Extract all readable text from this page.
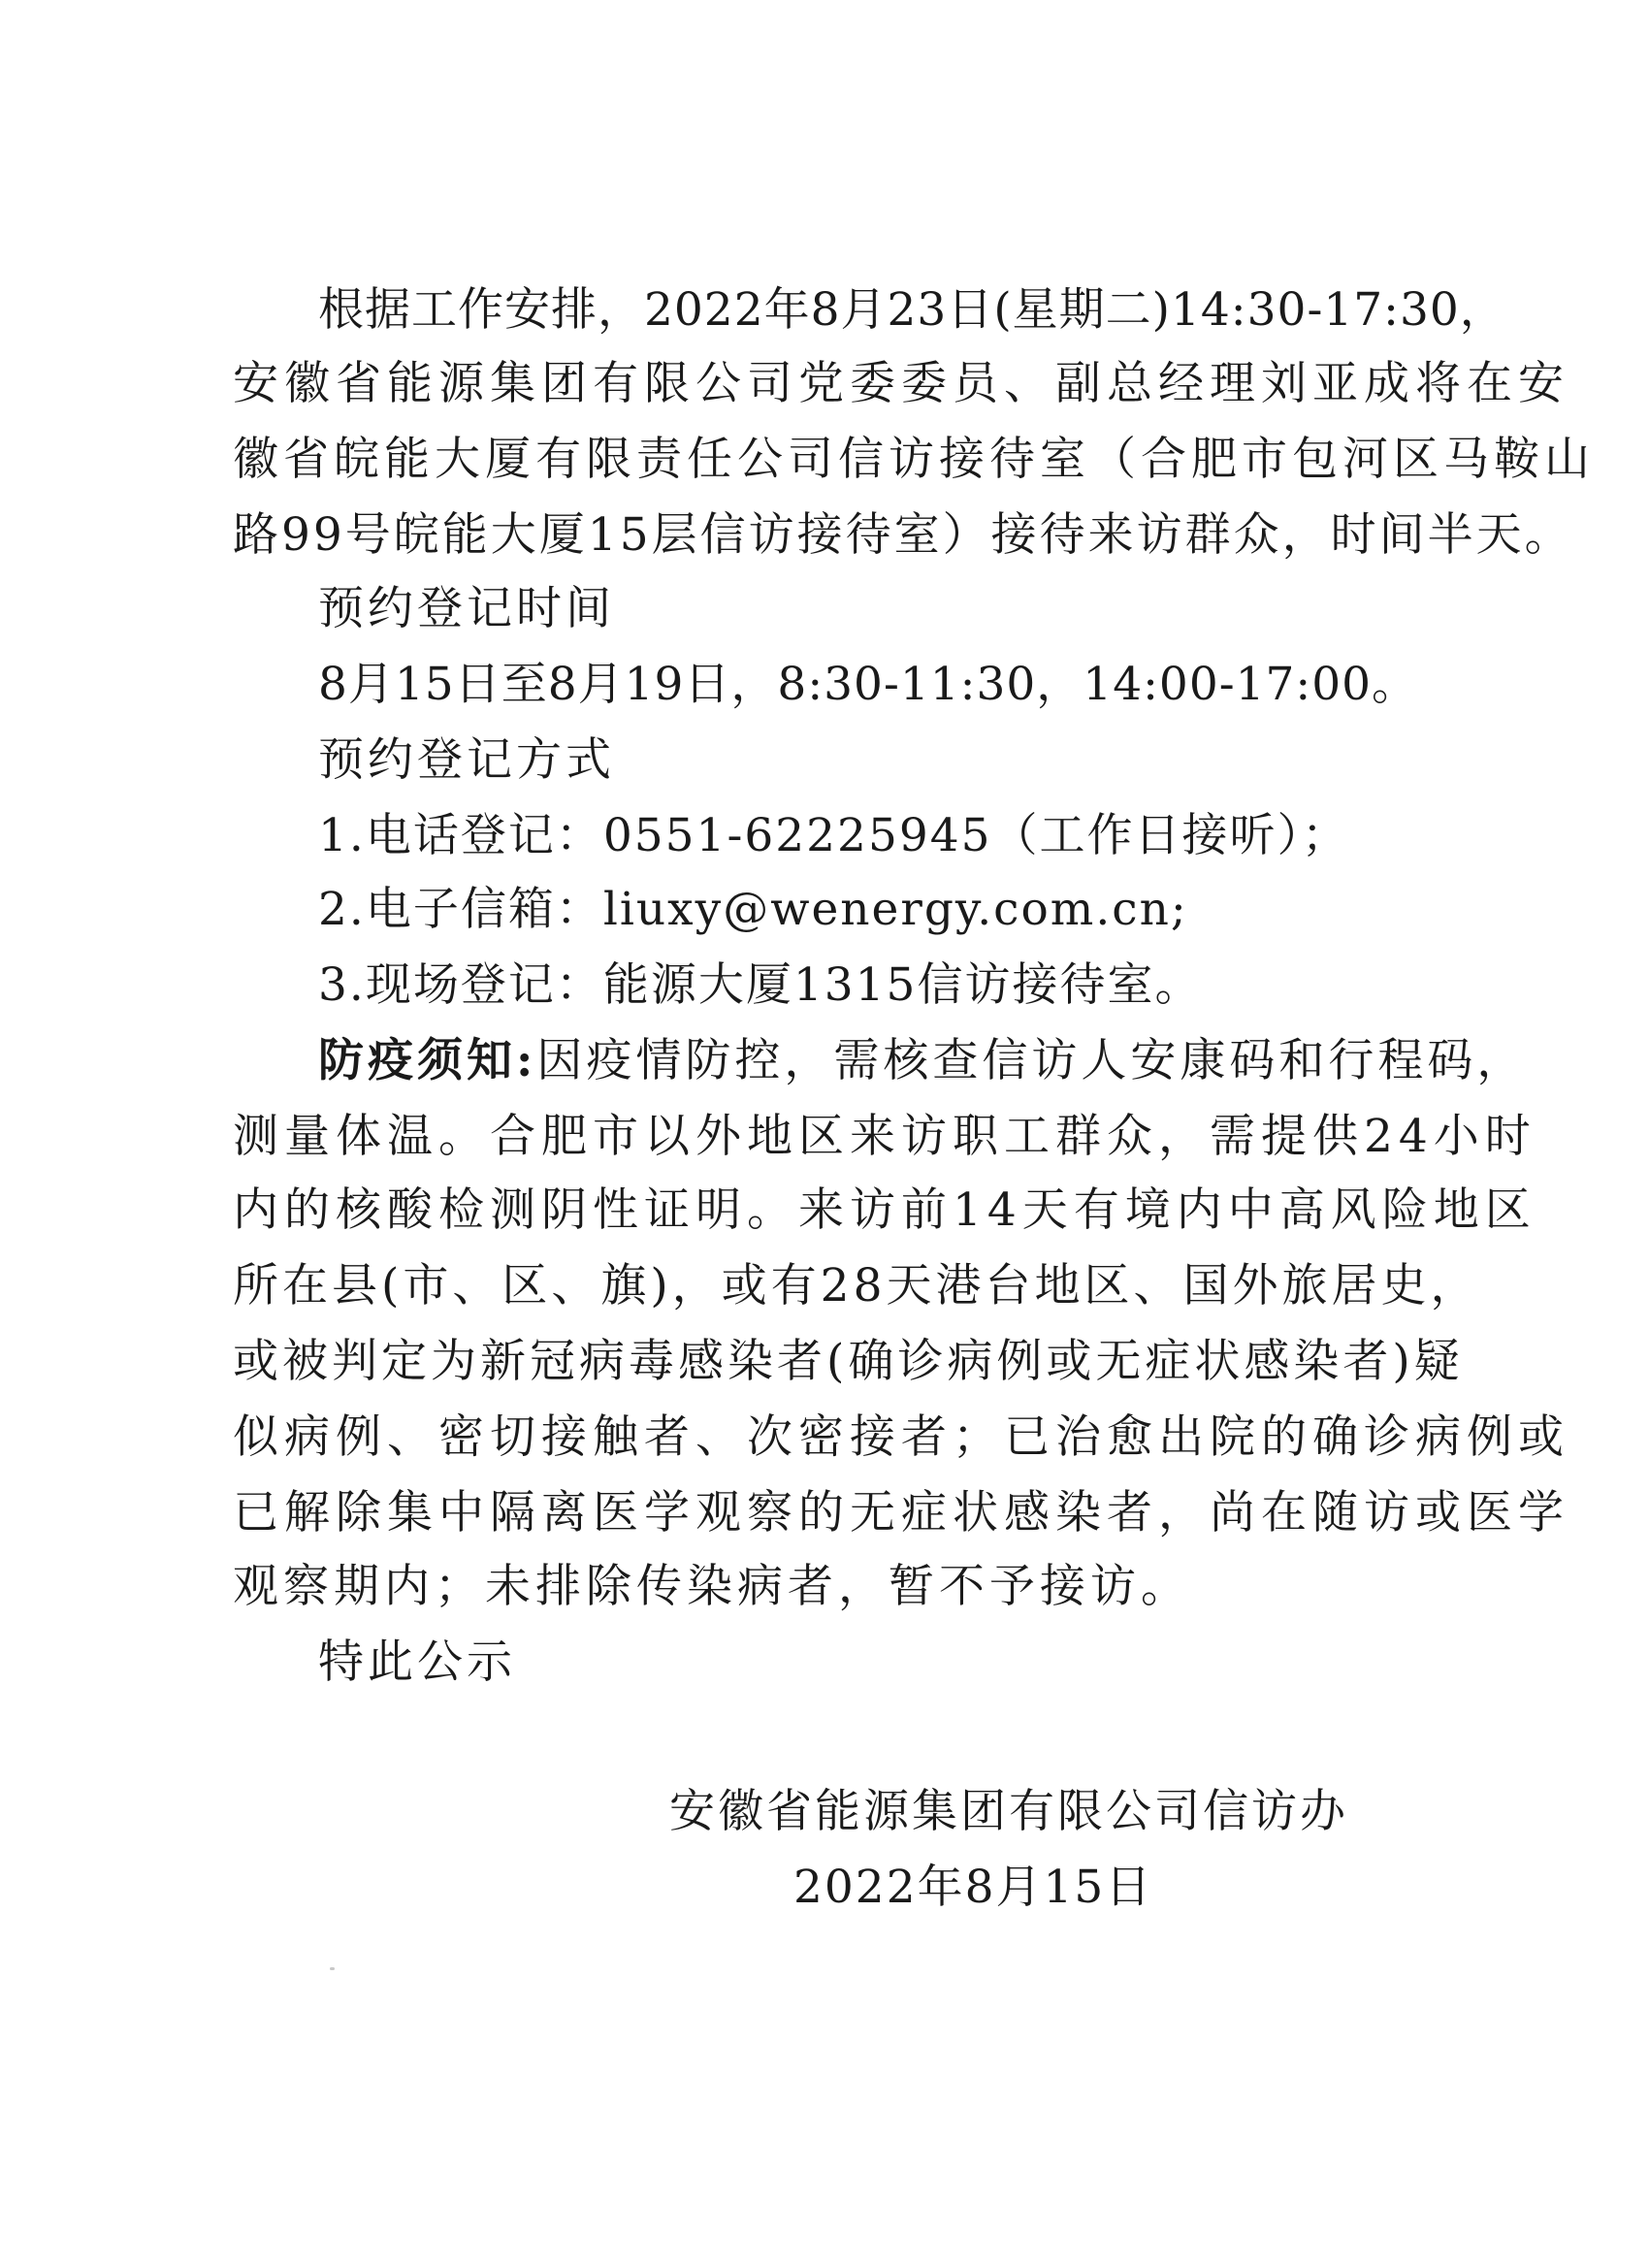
根据工作安排，2022年8月23日(星期二)14:30-17:30，
安徽省能源集团有限公司党委委员、副总经理刘亚成将在安
徽省皖能大厦有限责任公司信访接待室（合肥市包河区马鞍山
路99号皖能大厦15层信访接待室）接待来访群众，时间半天。
预约登记时间
8月15日至8月19日，8:30-11:30，14:00-17:00。
预约登记方式
1.电话登记：0551-62225945（工作日接听）；
2.电子信箱：liuxy@wenergy.com.cn;
3.现场登记：能源大厦1315信访接待室。
防疫须知:因疫情防控，需核查信访人安康码和行程码，
测量体温。合肥市以外地区来访职工群众，需提供24小时
内的核酸检测阴性证明。来访前14天有境内中高风险地区
所在县(市、区、旗)，或有28天港台地区、国外旅居史，
或被判定为新冠病毒感染者(确诊病例或无症状感染者)疑
似病例、密切接触者、次密接者；已治愈出院的确诊病例或
已解除集中隔离医学观察的无症状感染者，尚在随访或医学
观察期内；未排除传染病者，暂不予接访。
特此公示
安徽省能源集团有限公司信访办
2022年8月15日
